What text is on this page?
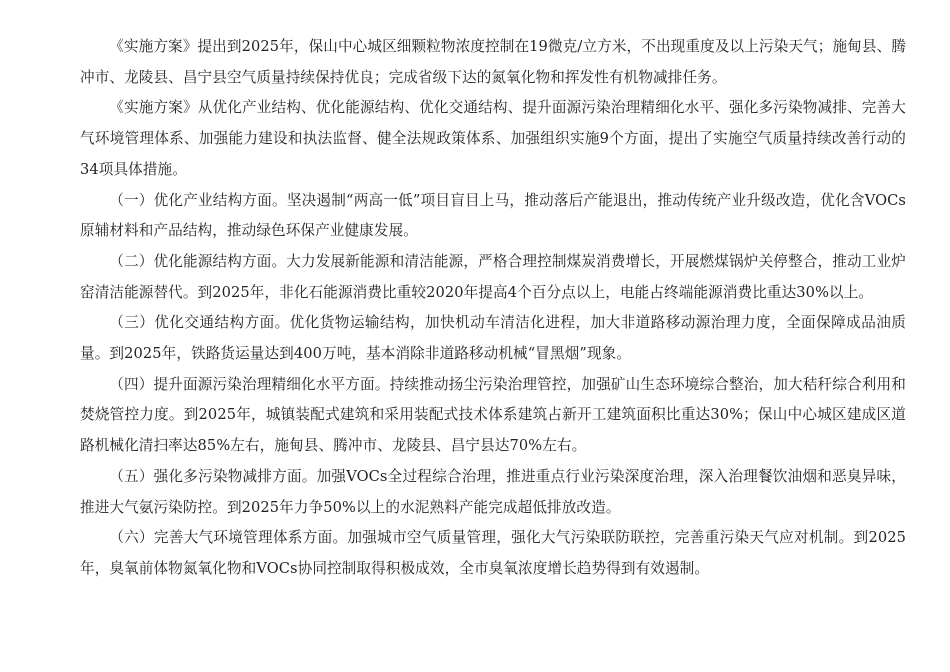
《实施方案》提出到2025年，保山中心城区细颗粒物浓度控制在19微克/立方米，不出现重度及以上污染天气；施甸县、腾冲市、龙陵县、昌宁县空气质量持续保持优良；完成省级下达的氮氧化物和挥发性有机物减排任务。

《实施方案》从优化产业结构、优化能源结构、优化交通结构、提升面源污染治理精细化水平、强化多污染物减排、完善大气环境管理体系、加强能力建设和执法监督、健全法规政策体系、加强组织实施9个方面，提出了实施空气质量持续改善行动的34项具体措施。

（一）优化产业结构方面。坚决遏制“两高一低”项目盲目上马，推动落后产能退出，推动传统产业升级改造，优化含VOCs原辅材料和产品结构，推动绿色环保产业健康发展。

（二）优化能源结构方面。大力发展新能源和清洁能源，严格合理控制煤炭消费增长，开展燃煤锅炉关停整合，推动工业炉窑清洁能源替代。到2025年，非化石能源消费比重较2020年提高4个百分点以上，电能占终端能源消费比重达30%以上。

（三）优化交通结构方面。优化货物运输结构，加快机动车清洁化进程，加大非道路移动源治理力度，全面保障成品油质量。到2025年，铁路货运量达到400万吨，基本消除非道路移动机械“冒黑烟”现象。

（四）提升面源污染治理精细化水平方面。持续推动扬尘污染治理管控，加强矿山生态环境综合整治，加大秸秆综合利用和焚烧管控力度。到2025年，城镇装配式建筑和采用装配式技术体系建筑占新开工建筑面积比重达30%；保山中心城区建成区道路机械化清扫率达85%左右，施甸县、腾冲市、龙陵县、昌宁县达70%左右。

（五）强化多污染物减排方面。加强VOCs全过程综合治理，推进重点行业污染深度治理，深入治理餐饮油烟和恶臭异味，推进大气氨污染防控。到2025年力争50%以上的水泥熟料产能完成超低排放改造。

（六）完善大气环境管理体系方面。加强城市空气质量管理，强化大气污染联防联控，完善重污染天气应对机制。到2025年，臭氧前体物氮氧化物和VOCs协同控制取得积极成效，全市臭氧浓度增长趋势得到有效遏制。
